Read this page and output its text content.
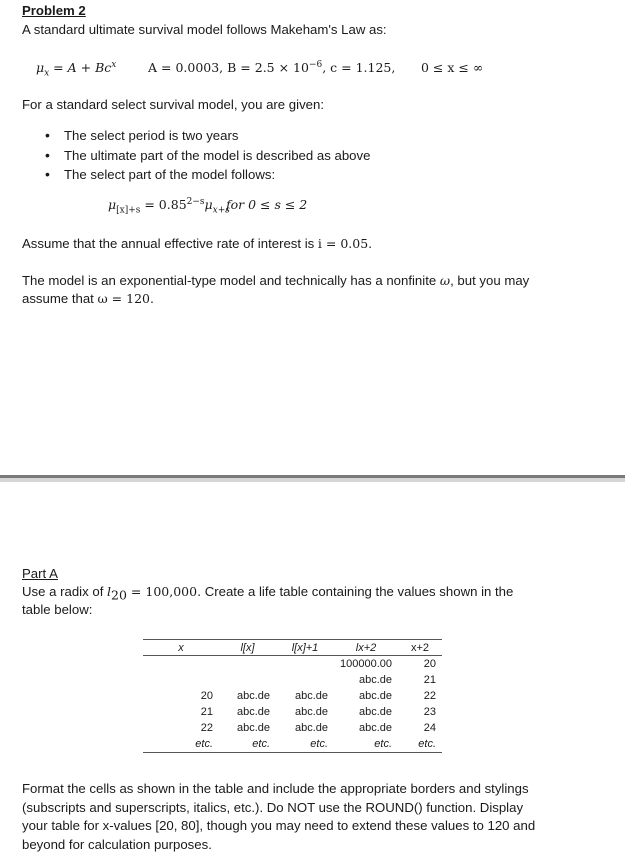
Problem 2
A standard ultimate survival model follows Makeham's Law as:
$\mu_x = A + Bc^x$	A = 0.0003, $B = 2.5 \times 10^{-6}$, c = 1.125, 0 ≤ x ≤ ∞
For a standard select survival model, you are given:
• The select period is two years
• The ultimate part of the model is described as above
• The select part of the model follows:
$\mu_{[x]+s} = 0.85^{2-s}\mu_{x+s}$
for 0 ≤ s ≤ 2
Assume that the annual effective rate of interest is i = 0.05.
The model is an exponential-type model and technically has a nonfinite ω, but you may
assume that ω = 120.
Part A
Use a radix of $l_{20} = 100,000$. Create a life table containing the values shown in the
table below:
x	l[x]	l[x]+1	lx+2	x+2
			100000.00	20
			abc.de	21
20	abc.de	abc.de	abc.de	22
21	abc.de	abc.de	abc.de	23
22	abc.de	abc.de	abc.de	24
etc.	etc.	etc.	etc.	etc.
Format the cells as shown in the table and include the appropriate borders and stylings
(subscripts and superscripts, italics, etc.). Do NOT use the ROUND() function. Display
your table for x-values [20, 80], though you may need to extend these values to 120 and
beyond for calculation purposes.
